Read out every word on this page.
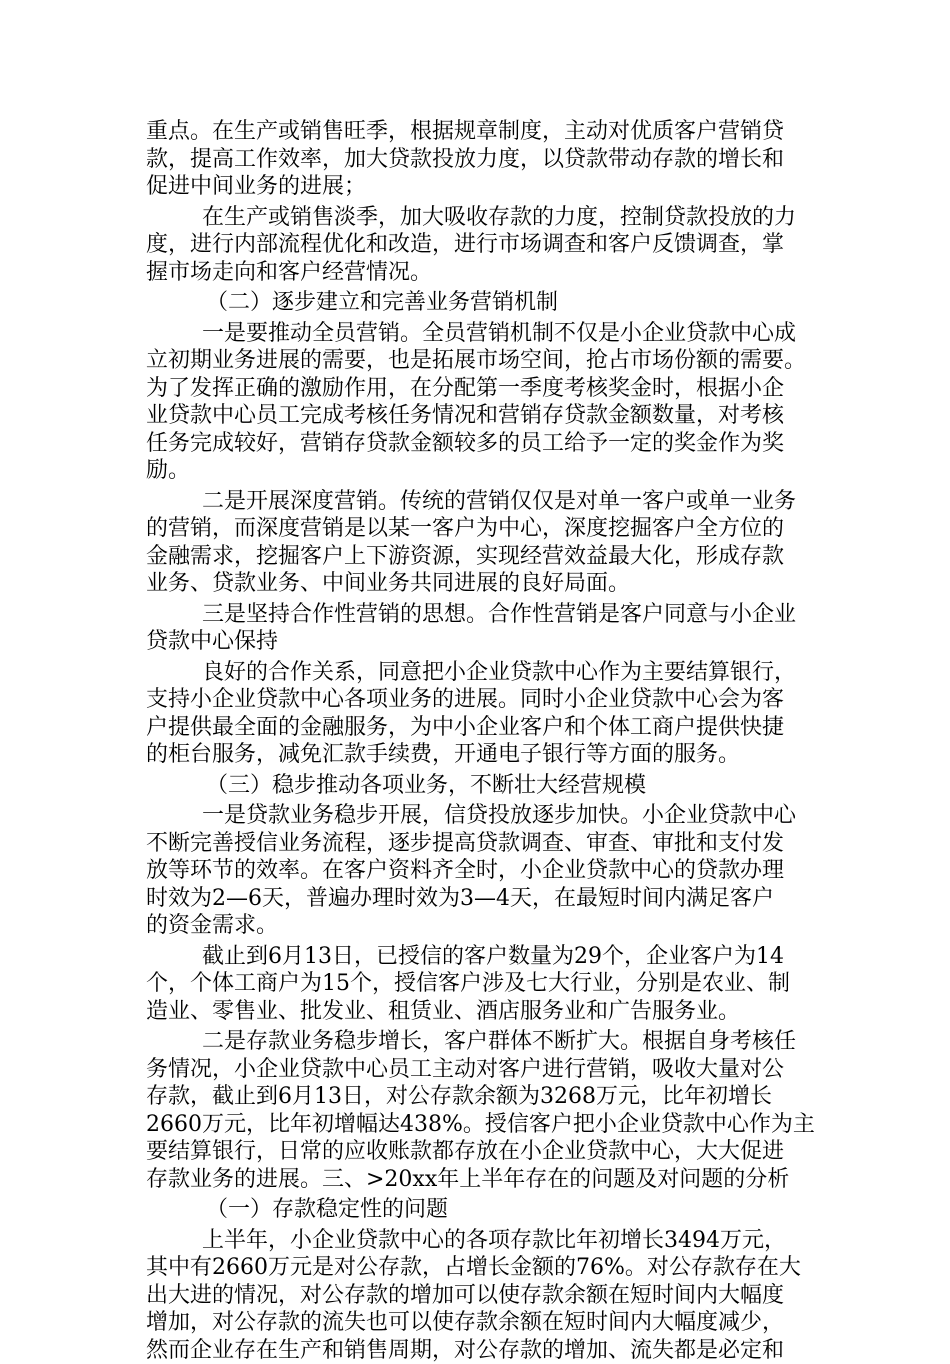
重点。在生产或销售旺季，根据规章制度，主动对优质客户营销贷
款，提高工作效率，加大贷款投放力度，以贷款带动存款的增长和
促进中间业务的进展；
在生产或销售淡季，加大吸收存款的力度，控制贷款投放的力
度，进行内部流程优化和改造，进行市场调查和客户反馈调查，掌
握市场走向和客户经营情况。
（二）逐步建立和完善业务营销机制
一是要推动全员营销。全员营销机制不仅是小企业贷款中心成
立初期业务进展的需要，也是拓展市场空间，抢占市场份额的需要。
为了发挥正确的激励作用，在分配第一季度考核奖金时，根据小企
业贷款中心员工完成考核任务情况和营销存贷款金额数量，对考核
任务完成较好，营销存贷款金额较多的员工给予一定的奖金作为奖
励。
二是开展深度营销。传统的营销仅仅是对单一客户或单一业务
的营销，而深度营销是以某一客户为中心，深度挖掘客户全方位的
金融需求，挖掘客户上下游资源，实现经营效益最大化，形成存款
业务、贷款业务、中间业务共同进展的良好局面。
三是坚持合作性营销的思想。合作性营销是客户同意与小企业
贷款中心保持
良好的合作关系，同意把小企业贷款中心作为主要结算银行，
支持小企业贷款中心各项业务的进展。同时小企业贷款中心会为客
户提供最全面的金融服务，为中小企业客户和个体工商户提供快捷
的柜台服务，减免汇款手续费，开通电子银行等方面的服务。
（三）稳步推动各项业务，不断壮大经营规模
一是贷款业务稳步开展，信贷投放逐步加快。小企业贷款中心
不断完善授信业务流程，逐步提高贷款调查、审查、审批和支付发
放等环节的效率。在客户资料齐全时，小企业贷款中心的贷款办理
时效为2—6天，普遍办理时效为3—4天，在最短时间内满足客户
的资金需求。
截止到6月13日，已授信的客户数量为29个，企业客户为14
个，个体工商户为15个，授信客户涉及七大行业，分别是农业、制
造业、零售业、批发业、租赁业、酒店服务业和广告服务业。
二是存款业务稳步增长，客户群体不断扩大。根据自身考核任
务情况，小企业贷款中心员工主动对客户进行营销，吸收大量对公
存款，截止到6月13日，对公存款余额为3268万元，比年初增长
2660万元，比年初增幅达438%。授信客户把小企业贷款中心作为主
要结算银行，日常的应收账款都存放在小企业贷款中心，大大促进
存款业务的进展。三、>20xx年上半年存在的问题及对问题的分析
（一）存款稳定性的问题
上半年，小企业贷款中心的各项存款比年初增长3494万元，
其中有2660万元是对公存款，占增长金额的76%。对公存款存在大
出大进的情况，对公存款的增加可以使存款余额在短时间内大幅度
增加，对公存款的流失也可以使存款余额在短时间内大幅度减少，
然而企业存在生产和销售周期，对公存款的增加、流失都是必定和
